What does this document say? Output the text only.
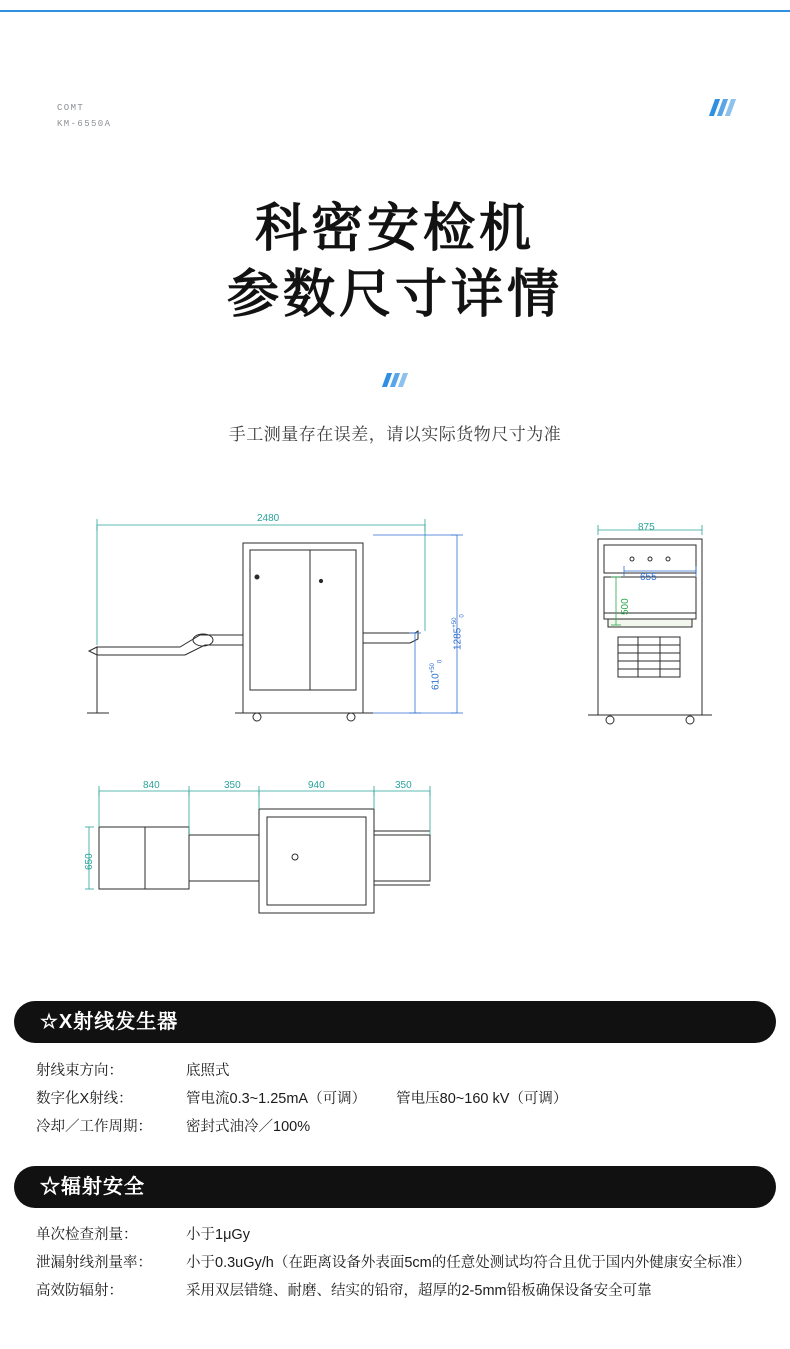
COMT
KM-6550A
科密安检机
参数尺寸详情
手工测量存在误差，请以实际货物尺寸为准
2480
$1285^{+50}_0$
$610^{+50}_0$
875
655
500
840	350	940	350
650
☆X射线发生器
射线束方向：	底照式
数字化X射线：	管电流0.3~1.25mA（可调） 管电压80~160 kV（可调）
冷却／工作周期：	密封式油冷／100%
☆辐射安全
单次检查剂量：	小于1μGy
泄漏射线剂量率：	小于0.3uGy/h（在距离设备外表面5cm的任意处测试均符合且优于国内外健康安全标准）
高效防辐射：	采用双层错缝、耐磨、结实的铅帘，超厚的2-5mm铅板确保设备安全可靠
